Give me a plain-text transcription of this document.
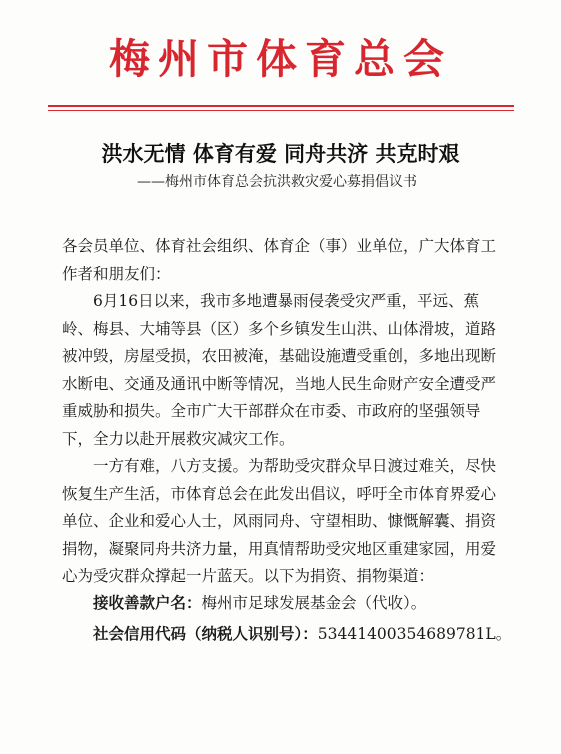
梅州市体育总会
洪水无情 体育有爱 同舟共济 共克时艰
——梅州市体育总会抗洪救灾爱心募捐倡议书
各会员单位、体育社会组织、体育企（事）业单位，广大体育工作者和朋友们：
6月16日以来，我市多地遭暴雨侵袭受灾严重，平远、蕉岭、梅县、大埔等县（区）多个乡镇发生山洪、山体滑坡，道路被冲毁，房屋受损，农田被淹，基础设施遭受重创，多地出现断水断电、交通及通讯中断等情况，当地人民生命财产安全遭受严重威胁和损失。全市广大干部群众在市委、市政府的坚强领导下，全力以赴开展救灾减灾工作。
一方有难，八方支援。为帮助受灾群众早日渡过难关，尽快恢复生产生活，市体育总会在此发出倡议，呼吁全市体育界爱心单位、企业和爱心人士，风雨同舟、守望相助、慷慨解囊、捐资捐物，凝聚同舟共济力量，用真情帮助受灾地区重建家园，用爱心为受灾群众撑起一片蓝天。以下为捐资、捐物渠道：
接收善款户名：梅州市足球发展基金会（代收）。
社会信用代码（纳税人识别号）：53441400354689781L。
